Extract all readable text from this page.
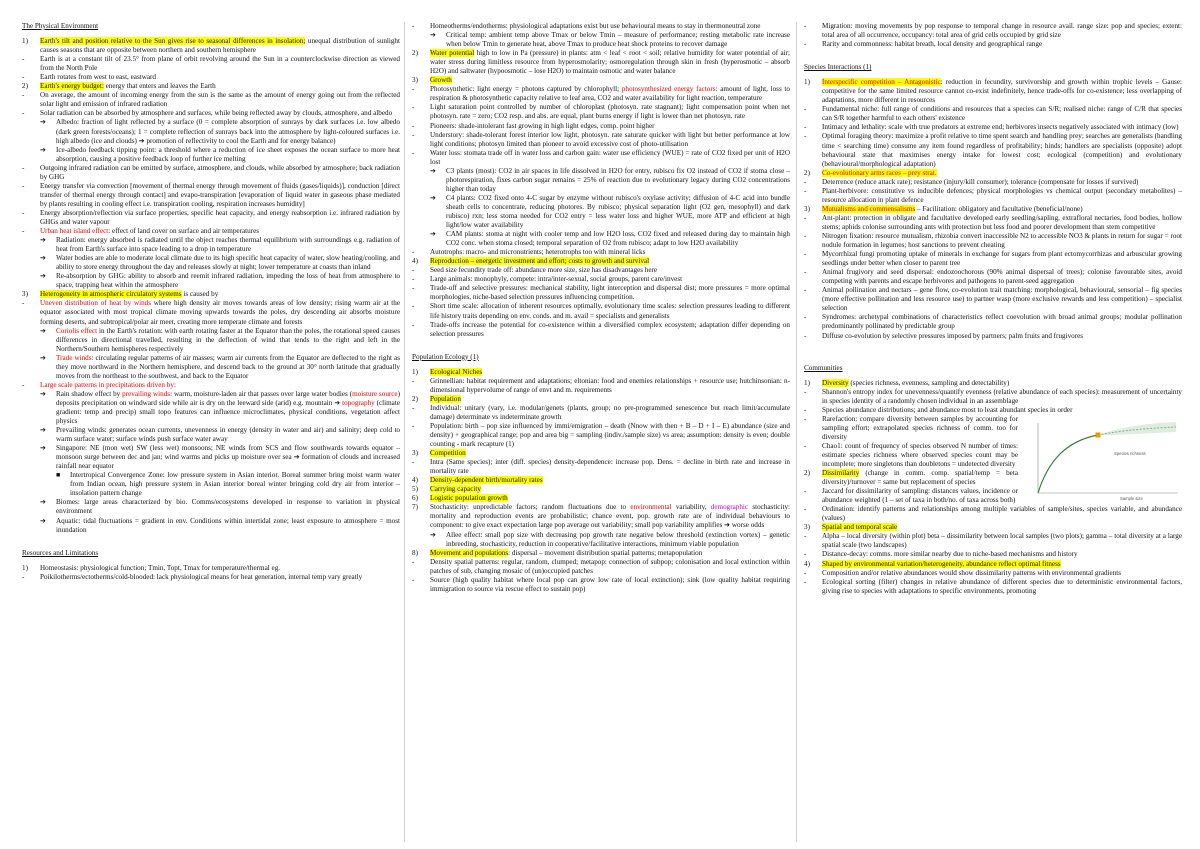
The Physical Environment
1)	Earth's tilt and position relative to the Sun gives rise to seasonal differences in insolation; unequal distribution of sunlight causes seasons that are opposite between northern and southern hemisphere
-	Earth is at a constant tilt of 23.5° from plane of orbit revolving around the Sun in a counterclockwise direction as viewed from the North Pole
-	Earth rotates from west to east, eastward
2)	Earth's energy budget: energy that enters and leaves the Earth
-	On average, the amount of incoming energy from the sun is the same as the amount of energy going out from the reflected solar light and emission of infrared radiation
-	Solar radiation can be absorbed by atmosphere and surfaces, while being reflected away by clouds, atmosphere, and albedo
➔	Albedo: fraction of light reflected by a surface (0 = complete absorption of sunrays by dark surfaces i.e. low albedo (dark green forests/oceans); 1 = complete reflection of sunrays back into the atmosphere by light-coloured surfaces i.e. high albedo (ice and clouds) ➔ promotion of reflectivity to cool the Earth and for energy balance)
➔	Ice-albedo feedback tipping point: a threshold where a reduction of ice sheet exposes the ocean surface to more heat absorption, causing a positive feedback loop of further ice melting
-	Outgoing infrared radiation can be emitted by surface, atmosphere, and clouds, while absorbed by atmosphere; back radiation by GHG
-	Energy transfer via convection [movement of thermal energy through movement of fluids (gases/liquids)], conduction [direct transfer of thermal energy through contact] and evapo-transpiration [evaporation of liquid water in gaseous phase mediated by plants resulting in cooling effect i.e. transpiration cooling, respiration increases humidity]
-	Energy absorption/reflection via surface properties, specific heat capacity, and energy reabsorption i.e. infrared radiation by GHGs and water vapour
-	Urban heat island effect: effect of land cover on surface and air temperatures
➔	Radiation: energy absorbed is radiated until the object reaches thermal equilibrium with surroundings e.g. radiation of heat from Earth's surface into space leading to a drop in temperature
➔	Water bodies are able to moderate local climate due to its high specific heat capacity of water, slow heating/cooling, and ability to store energy throughout the day and releases slowly at night; lower temperature at coasts than inland
➔	Re-absorption by GHG: ability to absorb and reemit infrared radiation, impeding the loss of heat from atmosphere to space, trapping heat within the atmosphere
3)	Heterogeneity in atmospheric circulatory systems is caused by
-	Uneven distribution of heat by winds where high density air moves towards areas of low density; rising warm air at the equator associated with most tropical climate moving upwards towards the poles, dry descending air absorbs moisture forming deserts, and subtropical/polar air meet, creating more temperate climate and forests
➔	Coriolis effect in the Earth's rotation: with earth rotating faster at the Equator than the poles, the rotational speed causes differences in directional travelled, resulting in the deflection of wind that tends to the right and left in the Northern/Southern hemispheres respectively
➔	Trade winds: circulating regular patterns of air masses; warm air currents from the Equator are deflected to the right as they move northward in the Northern hemisphere, and descend back to the ground at 30° north latitude that gradually moves from the northeast to the southwest, and back to the Equator
-	Large scale patterns in precipitations driven by:
➔	Rain shadow effect by prevailing winds: warm, moisture-laden air that passes over large water bodies (moisture source) deposits precipitation on windward side while air is dry on the leeward side (arid) e.g. mountain ➔ topography (climate gradient: temp and precip) small topo features can influence microclimates, physical conditions, vegetation affect physics
➔	Prevailing winds: generates ocean currents, unevenness in energy (density in water and air) and salinity; deep cold to warm surface water; surface winds push surface water away
➔	Singapore: NE (mon wet) SW (less wet) monsoons; NE winds from SCS and flow southwards towards equator – monsoon surge between dec and jan; wind warms and picks up moisture over sea ➔ formation of clouds and increased rainfall near equator
■	Intertropical Convergence Zone: low pressure system in Asian interior. Boreal summer bring moist warm water from Indian ocean, high pressure system in Asian interior boreal winter bringing cold dry air from interior – insolation pattern change
➔	Biomes: large areas characterized by bio. Comms/ecosystems developed in response to variation in physical environment
➔	Aquatic: tidal fluctuations = gradient in env. Conditions within intertidal zone; least exposure to atmosphere = most inundation
Resources and Limitations
1)	Homeostasis: physiological function; Tmin, Topt, Tmax for temperature/thermal eg.
-	Poikilotherms/ectotherms/cold-blooded: lack physiological means for heat generation, internal temp vary greatly
-	Homeotherms/endotherms: physiological adaptations exist but use behavioural means to stay in thermoneutral zone
➔	Critical temp: ambient temp above Tmax or below Tmin – measure of performance; resting metabolic rate increase when below Tmin to generate heat, above Tmax to produce heat shock proteins to recover damage
2)	Water potential high to low in Pa (pressure) in plants: atm < leaf < root < soil; relative humidity for water potential of air; water stress during limitless resource from hyperosmolarity; osmoregulation through skin in fresh (hyperosmotic – absorb H2O) and saltwater (hypoosmotic – lose H2O) to maintain osmotic and water balance
3)	Growth
-	Photosynthetic: light energy = photons captured by chlorophyll; photosynthesized energy factors: amount of light, loss to respiration & photosynthetic capacity relative to leaf area, CO2 and water availability for light reaction, temperature
-	Light saturation point controlled by number of chloroplast (photosyn. rate stagnant); light compensation point when net photosyn. rate = zero; CO2 resp. and abs. are equal, plant burns energy if light is lower than net photosyn. rate
-	Pioneers: shade-intolerant fast growing in high light edges, comp. point higher
-	Understory: shade-tolerant forest interior low light, photosyn. rate saturate quicker with light but better performance at low light conditions; photosyn limited than pioneer to avoid excessive cost of photo-utilisation
-	Water loss: stomata trade off in water loss and carbon gain: water use efficiency (WUE) = rate of CO2 fixed per unit of H2O lost
➔	C3 plants (most): CO2 in air spaces in life dissolved in H2O for entry, rubisco fix O2 instead of CO2 if stoma close – photorespiration, fixes carbon sugar remains = 25% of reaction due to evolutionary legacy during CO2 concentrations higher than today
➔	C4 plants: CO2 fixed onto 4-C sugar by enzyme without rubisco's oxylase activity; diffusion of 4-C acid into bundle sheath cells to concentrate, reducing photores. By rubisco; physical separation light (O2 gen, mesophyll) and dark rubisco) rxn; less stoma needed for CO2 entry = less water loss and higher WUE, more ATP and efficient at high light/low water availability
➔	CAM plants: stoma at night with cooler temp and low H2O loss, CO2 fixed and released during day to maintain high CO2 conc. when stoma closed; temporal separation of O2 from rubisco; adapt to low H2O availability
-	Autotrophs: macro- and micronutrients; heterotrophs too with mineral licks
4)	Reproduction – energetic investment and effort; costs to growth and survival
-	Seed size fecundity trade off: abundance more size, size has disadvantages here
-	Large animals: monophyly, compete: intra/inter-sexual, social groups, parent care/invest
-	Trade-off and selective pressures: mechanical stability, light interception and dispersal dist; more pressures = more optimal morphologies, niche-based selection pressures influencing competition.
-	Short time scale: allocation of inherent resources optimally, evolutionary time scales: selection pressures leading to different life history traits depending on env. conds. and m. avail = specialists and generalists
-	Trade-offs increase the potential for co-existence within a diversified complex ecosystem; adaptation differ depending on selection pressures
Population Ecology (1)
1)	Ecological Niches
-	Grinnellian: habitat requirement and adaptations; eltonian: food and enemies relationships + resource use; hutchinsonian: n-dimensional hypervolume of range of envt and m. requirements
2)	Population
-	Individual: unitary (vary, i.e. modular/genets (plants, group; no pre-programmed senescence but reach limit/accumulate damage) determinate vs indeterminate growth
-	Population: birth – pop size influenced by immi/emigration – death (Nnow with then + B – D + I – E) abundance (size and density) + geographical range; pop and area big = sampling (indiv./sample size) vs area; assumption: density is even; double counting - mark recapture (1)
3)	Competition
-	Intra (Same species); inter (diff. species) density-dependence: increase pop. Dens. = decline in birth rate and increase in mortality rate
4)	Density-dependent birth/mortality rates
5)	Carrying capacity
6)	Logistic population growth
7)	Stochasticity: unpredictable factors; random fluctuations due to environmental variability, demographic stochasticity: mortality and reproduction events are probabilistic; chance event, pop. growth rate are of individual behaviours to component: to give exact expectation large pop average out variability; small pop variability amplifies ➔ worse odds
➔	Allee effect: small pop size with decreasing pop growth rate negative below threshold (extinction vortex) – genetic inbreeding, stochasticity, reduction in cooperative/facilitative interactions, minimum viable population
8)	Movement and populations: dispersal – movement distribution spatial patterns; metapopulation
-	Density spatial patterns: regular, random, clumped; metapop: connection of subpop; colonisation and local extinction within patches of sub, changing mosaic of (un)occupied patches
-	Source (high quality habitat where local pop can grow low rate of local extinction); sink (low quality habitat requiring immigration to source via rescue effect to sustain pop)
-	Migration: moving movements by pop response to temporal change in resource avail. range size: pop and species; extent: total area of all occurrence, occupancy: total area of grid cells occupied by grid size
-	Rarity and commonness: habitat breath, local density and geographical range
Species Interactions (1)
1)	Interspecific competition – Antagonistic: reduction in fecundity, survivorship and growth within trophic levels – Gause: competitive for the same limited resource cannot co-exist indefinitely, hence trade-offs for co-existence; less overlapping of adaptations, more different in resources
-	Fundamental niche: full range of conditions and resources that a species can S/R; realised niche: range of C/R that species can S/R together harmful to each others' existence
-	Intimacy and lethality: scale with true predators at extreme end; herbivores insects negatively associated with intimacy (low)
-	Optimal foraging theory: maximize a profit relative to time spent search and handling prey; searches are generalists (handling time < searching time) consume any item found regardless of profitability; hinds; handlers are specialists (opposite) adopt behavioural state that maximises energy intake for lowest cost; ecological (competition) and evolutionary (behavioural/morphological adaptation)
2)	Co-evolutionary arms races – prey strat.
-	Deterrence (reduce attack rate); resistance (injury/kill consumer); tolerance (compensate for losses if survived)
-	Plant-herbivore: constitutive vs inducible defences; physical morphologies vs chemical output (secondary metabolites) – resource allocation in plant defence
3)	Mutualisms and commensalisms – Facilitation: obligatory and facultative (beneficial/none)
-	Ant-plant: protection in obligate and facultative developed early seedling/sapling, extrafloral nectaries, food bodies, hollow stems; aphids colonise surrounding ants with protection but less food and poorer development than stem competitive
-	Nitrogen fixation: resource mutualism, rhizobia convert inaccessible N2 to accessible NO3 & plants in return for sugar = root nodule formation in legumes; host sanctions to prevent cheating
-	Mycorrhizal fungi promoting uptake of minerals in exchange for sugars from plant ectomycorrhizas and arbuscular growing seedlings under better when closer to parent tree
-	Animal frugivory and seed dispersal: endozoochorous (90% animal dispersal of trees); colonise favourable sites, avoid competing with parents and escape herbivores and pathogens to parent-seed aggregation
-	Animal pollination and nectars – gene flow, co-evolution trait matching: morphological, behavioural, sensorial – fig species (more effective pollination and less resource use) to partner wasp (more exclusive rewards and less competition) – specialist selection
-	Syndromes: archetypal combinations of characteristics reflect coevolution with broad animal groups; modular pollination predominantly pollinated by predictable group
-	Diffuse co-evolution by selective pressures imposed by partners; palm fruits and frugivores
Communities
1)	Diversity (species richness, evenness, sampling and detectability)
-	Shannon's entropy index for unevenness/quantify evenness (relative abundance of each species): measurement of uncertainty in species identity of a randomly chosen individual in an assemblage
-	Species abundance distributions; and abundance most to least abundant species in order
Species richness
Sample size
-	Rarefaction: compare diversity between samples by accounting for sampling effort; extrapolated species richness of comm. too for diversity
-	Chao1: count of frequency of species observed N number of times: estimate species richness where observed species count may be incomplete; more singletons than doubletons = undetected diversity
2)	Dissimilarity (change in comm. comp. spatial/temp = beta diversity)/turnover = same but replacement of species
-	Jaccard for dissimilarity of sampling: distances values, incidence or abundance weighted (1 – set of taxa in both/no. of taxa across both)
-	Ordination: identify patterns and relationships among multiple variables of sample/sites, species variable, and abundance (values)
3)	Spatial and temporal scale
-	Alpha – local diversity (within plot) beta – dissimilarity between local samples (two plots); gamma – total diversity at a large spatial scale (two landscapes)
-	Distance-decay: comms. more similar nearby due to niche-based mechanisms and history
4)	Shaped by environmental variation/heterogeneity, abundance reflect optimal fitness
-	Composition and/or relative abundances would show dissimilarity patterns with environmental gradients
-	Ecological sorting (filter) changes in relative abundance of different species due to deterministic environmental factors, giving rise to species with adaptations to specific environments, promoting
